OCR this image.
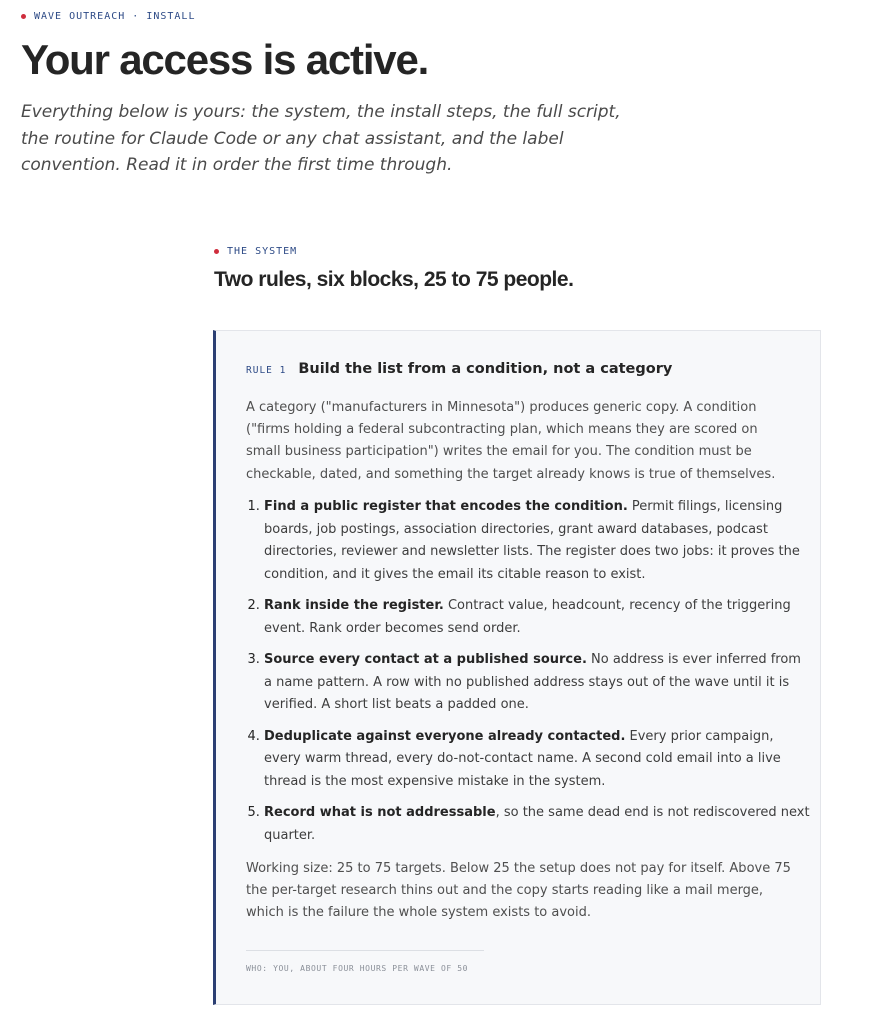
WAVE OUTREACH · INSTALL
Your access is active.

Everything below is yours: the system, the install steps, the full script, the routine for Claude Code or any chat assistant, and the label convention. Read it in order the first time through.

THE SYSTEM
Two rules, six blocks, 25 to 75 people.
RULE 1 Build the list from a condition, not a category

A category ("manufacturers in Minnesota") produces generic copy. A condition ("firms holding a federal subcontracting plan, which means they are scored on small business participation") writes the email for you. The condition must be checkable, dated, and something the target already knows is true of themselves.

1. Find a public register that encodes the condition. Permit filings, licensing boards, job postings, association directories, grant award databases, podcast directories, reviewer and newsletter lists. The register does two jobs: it proves the condition, and it gives the email its citable reason to exist.
2. Rank inside the register. Contract value, headcount, recency of the triggering event. Rank order becomes send order.
3. Source every contact at a published source. No address is ever inferred from a name pattern. A row with no published address stays out of the wave until it is verified. A short list beats a padded one.
4. Deduplicate against everyone already contacted. Every prior campaign, every warm thread, every do-not-contact name. A second cold email into a live thread is the most expensive mistake in the system.
5. Record what is not addressable, so the same dead end is not rediscovered next quarter.

Working size: 25 to 75 targets. Below 25 the setup does not pay for itself. Above 75 the per-target research thins out and the copy starts reading like a mail merge, which is the failure the whole system exists to avoid.

WHO: YOU, ABOUT FOUR HOURS PER WAVE OF 50
